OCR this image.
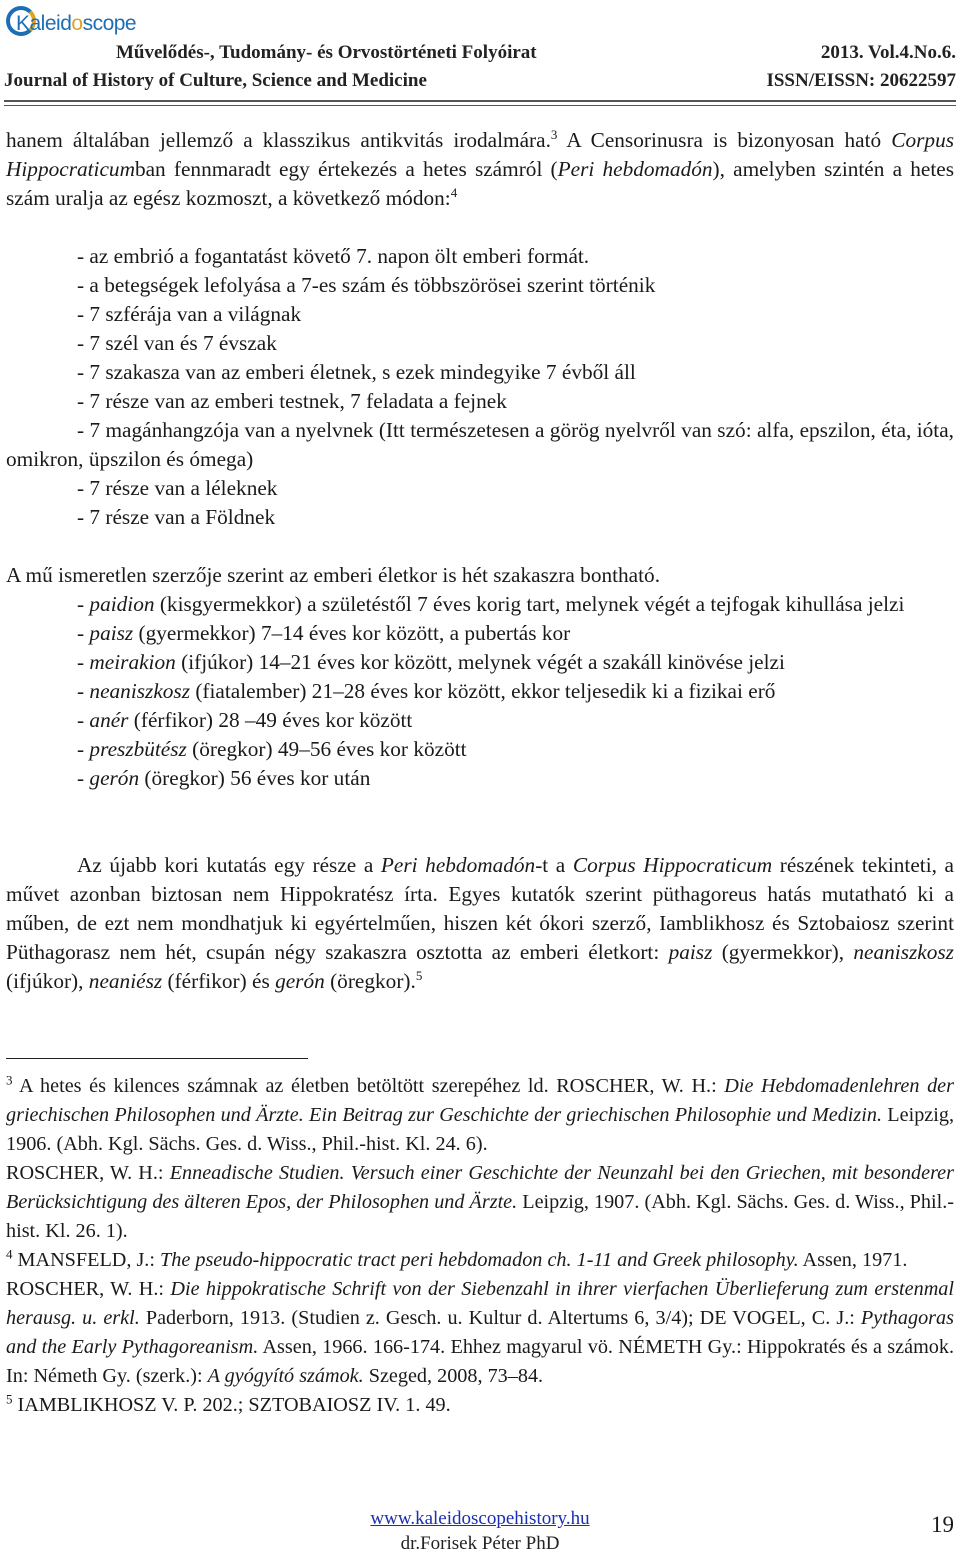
Kaleidoscope
Művelődés-, Tudomány- és Orvostörténeti Folyóirat	2013. Vol.4.No.6.
Journal of History of Culture, Science and Medicine	ISSN/EISSN: 20622597

hanem általában jellemző a klasszikus antikvitás irodalmára.$^3$ A Censorinusra is bizonyosan ható Corpus Hippocraticumban fennmaradt egy értekezés a hetes számról (Peri hebdomadón), amelyben szintén a hetes szám uralja az egész kozmoszt, a következő módon:$^4$

- az embrió a fogantatást követő 7. napon ölt emberi formát.

- a betegségek lefolyása a 7-es szám és többszörösei szerint történik

- 7 szférája van a világnak

- 7 szél van és 7 évszak

- 7 szakasza van az emberi életnek, s ezek mindegyike 7 évből áll

- 7 része van az emberi testnek, 7 feladata a fejnek

- 7 magánhangzója van a nyelvnek (Itt természetesen a görög nyelvről van szó: alfa, epszilon, éta, ióta, omikron, üpszilon és ómega)

- 7 része van a léleknek

- 7 része van a Földnek

A mű ismeretlen szerzője szerint az emberi életkor is hét szakaszra bontható.

- paidion (kisgyermekkor) a születéstől 7 éves korig tart, melynek végét a tejfogak kihullása jelzi

- paisz (gyermekkor) 7–14 éves kor között, a pubertás kor

- meirakion (ifjúkor) 14–21 éves kor között, melynek végét a szakáll kinövése jelzi

- neaniszkosz (fiatalember) 21–28 éves kor között, ekkor teljesedik ki a fizikai erő

- anér (férfikor) 28 –49 éves kor között

- preszbütész (öregkor) 49–56 éves kor között

- gerón (öregkor) 56 éves kor után

Az újabb kori kutatás egy része a Peri hebdomadón-t a Corpus Hippocraticum részének tekinteti, a művet azonban biztosan nem Hippokratész írta. Egyes kutatók szerint püthagoreus hatás mutatható ki a műben, de ezt nem mondhatjuk ki egyértelműen, hiszen két ókori szerző, Iamblikhosz és Sztobaiosz szerint Püthagorasz nem hét, csupán négy szakaszra osztotta az emberi életkort: paisz (gyermekkor), neaniszkosz (ifjúkor), neaniész (férfikor) és gerón (öregkor).$^5$

$^3$ A hetes és kilences számnak az életben betöltött szerepéhez ld. ROSCHER, W. H.: Die Hebdomadenlehren der griechischen Philosophen und Ärzte. Ein Beitrag zur Geschichte der griechischen Philosophie und Medizin. Leipzig, 1906. (Abh. Kgl. Sächs. Ges. d. Wiss., Phil.-hist. Kl. 24. 6).

ROSCHER, W. H.: Enneadische Studien. Versuch einer Geschichte der Neunzahl bei den Griechen, mit besonderer Berücksichtigung des älteren Epos, der Philosophen und Ärzte. Leipzig, 1907. (Abh. Kgl. Sächs. Ges. d. Wiss., Phil.-hist. Kl. 26. 1).

$^4$ MANSFELD, J.: The pseudo-hippocratic tract peri hebdomadon ch. 1-11 and Greek philosophy. Assen, 1971.

ROSCHER, W. H.: Die hippokratische Schrift von der Siebenzahl in ihrer vierfachen Überlieferung zum erstenmal herausg. u. erkl. Paderborn, 1913. (Studien z. Gesch. u. Kultur d. Altertums 6, 3/4); DE VOGEL, C. J.: Pythagoras and the Early Pythagoreanism. Assen, 1966. 166-174. Ehhez magyarul vö. NÉMETH Gy.: Hippokratés és a számok. In: Németh Gy. (szerk.): A gyógyító számok. Szeged, 2008, 73–84.

$^5$ IAMBLIKHOSZ V. P. 202.; SZTOBAIOSZ IV. 1. 49.

www.kaleidoscopehistory.hu
dr.Forisek Péter PhD
19
